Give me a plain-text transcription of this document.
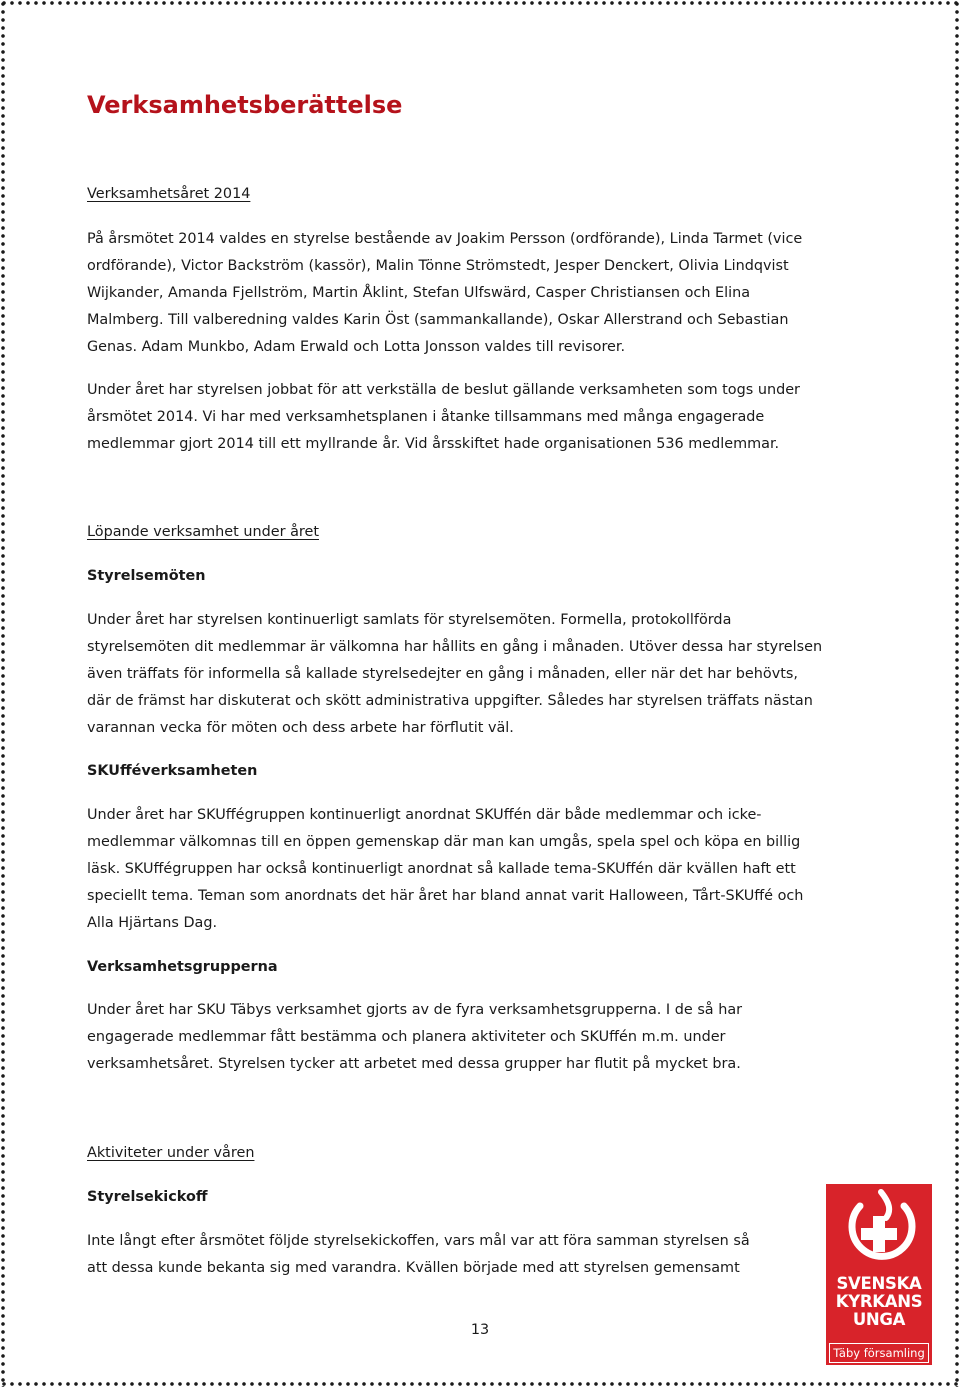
Verksamhetsberättelse

Verksamhetsåret 2014

På årsmötet 2014 valdes en styrelse bestående av Joakim Persson (ordförande), Linda Tarmet (vice

ordförande), Victor Backström (kassör), Malin Tönne Strömstedt, Jesper Denckert, Olivia Lindqvist

Wijkander, Amanda Fjellström, Martin Åklint, Stefan Ulfswärd, Casper Christiansen och Elina

Malmberg. Till valberedning valdes Karin Öst (sammankallande), Oskar Allerstrand och Sebastian

Genas. Adam Munkbo, Adam Erwald och Lotta Jonsson valdes till revisorer.

Under året har styrelsen jobbat för att verkställa de beslut gällande verksamheten som togs under

årsmötet 2014. Vi har med verksamhetsplanen i åtanke tillsammans med många engagerade

medlemmar gjort 2014 till ett myllrande år. Vid årsskiftet hade organisationen 536 medlemmar.

Löpande verksamhet under året

Styrelsemöten

Under året har styrelsen kontinuerligt samlats för styrelsemöten. Formella, protokollförda

styrelsemöten dit medlemmar är välkomna har hållits en gång i månaden. Utöver dessa har styrelsen

även träffats för informella så kallade styrelsedejter en gång i månaden, eller när det har behövts,

där de främst har diskuterat och skött administrativa uppgifter. Således har styrelsen träffats nästan

varannan vecka för möten och dess arbete har förflutit väl.

SKUfféverksamheten

Under året har SKUffégruppen kontinuerligt anordnat SKUffén där både medlemmar och icke-

medlemmar välkomnas till en öppen gemenskap där man kan umgås, spela spel och köpa en billig

läsk. SKUffégruppen har också kontinuerligt anordnat så kallade tema-SKUffén där kvällen haft ett

speciellt tema. Teman som anordnats det här året har bland annat varit Halloween, Tårt-SKUffé och

Alla Hjärtans Dag.

Verksamhetsgrupperna

Under året har SKU Täbys verksamhet gjorts av de fyra verksamhetsgrupperna. I de så har

engagerade medlemmar fått bestämma och planera aktiviteter och SKUffén m.m. under

verksamhetsåret. Styrelsen tycker att arbetet med dessa grupper har flutit på mycket bra.

Aktiviteter under våren

Styrelsekickoff

Inte långt efter årsmötet följde styrelsekickoffen, vars mål var att föra samman styrelsen så

att dessa kunde bekanta sig med varandra. Kvällen började med att styrelsen gemensamt

13

SVENSKA
KYRKANS
UNGA

Täby församling
